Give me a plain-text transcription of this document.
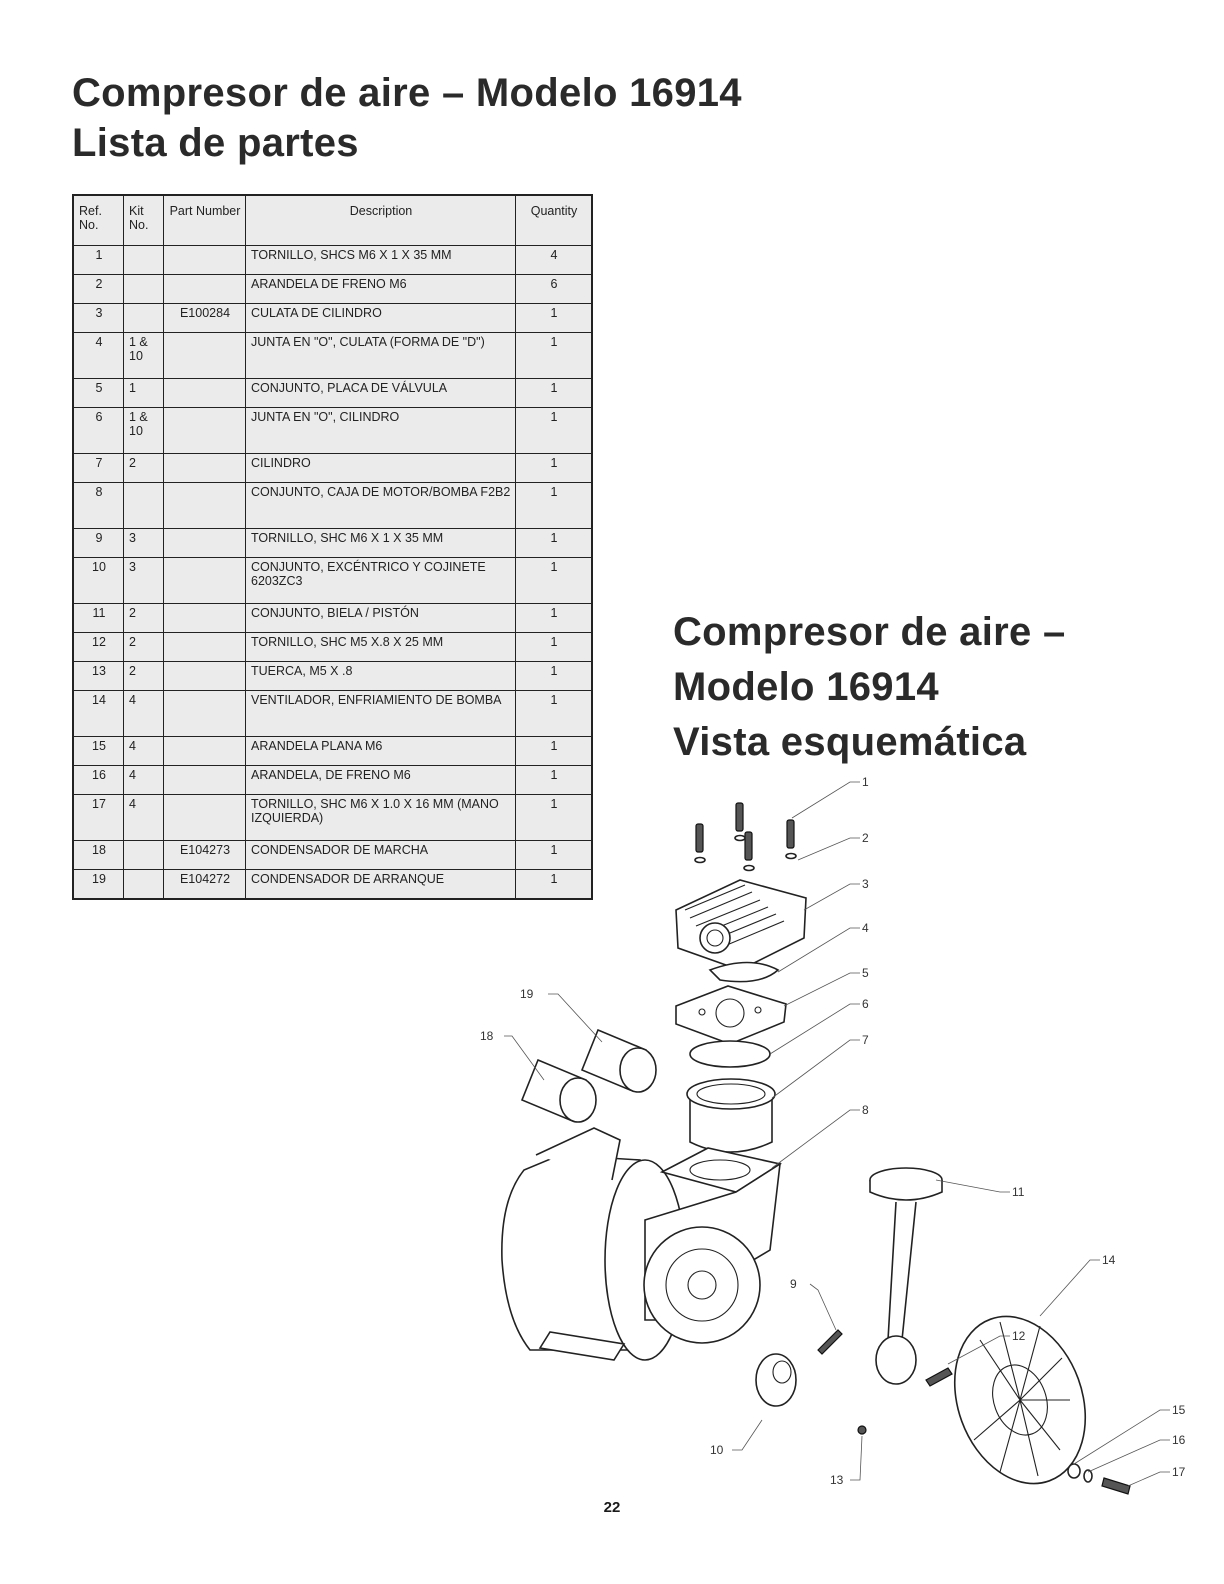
Compresor de aire – Modelo 16914
Lista de partes
Ref. No.	Kit No.	Part Number	Description	Quantity
1			TORNILLO, SHCS M6 X 1 X 35 MM	4
2			ARANDELA DE FRENO M6	6
3		E100284	CULATA DE CILINDRO	1
4	1 & 10		JUNTA EN "O", CULATA (FORMA DE "D")	1
5	1		CONJUNTO, PLACA DE VÁLVULA	1
6	1 & 10		JUNTA EN "O", CILINDRO	1
7	2		CILINDRO	1
8			CONJUNTO, CAJA DE MOTOR/BOMBA F2B2	1
9	3		TORNILLO, SHC M6 X 1 X 35 MM	1
10	3		CONJUNTO, EXCÉNTRICO Y COJINETE 6203ZC3	1
11	2		CONJUNTO, BIELA / PISTÓN	1
12	2		TORNILLO, SHC M5 X.8 X 25 MM	1
13	2		TUERCA, M5 X .8	1
14	4		VENTILADOR, ENFRIAMIENTO DE BOMBA	1
15	4		ARANDELA PLANA M6	1
16	4		ARANDELA, DE FRENO M6	1
17	4		TORNILLO, SHC M6 X 1.0 X 16 MM (MANO IZQUIERDA)	1
18		E104273	CONDENSADOR DE MARCHA	1
19		E104272	CONDENSADOR DE ARRANQUE	1
Compresor de aire –
Modelo 16914
Vista esquemática
1
2
3
4
5
6
7
8
11
9
10
12
13
14
15
16
17
18
19
22
